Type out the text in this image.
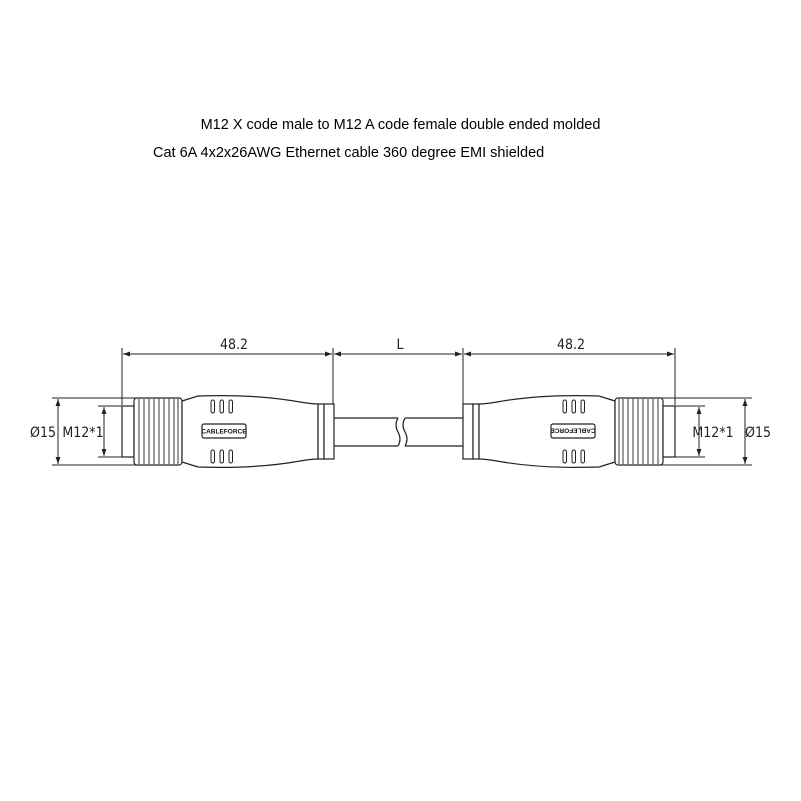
M12 X code male to M12 A code female double ended molded
Cat 6A 4x2x26AWG Ethernet cable 360 degree EMI shielded
48.2	L	48.2
Ø15 M12*1	M12*1 Ø15
CABLEFORCE	CABLEFORCE
